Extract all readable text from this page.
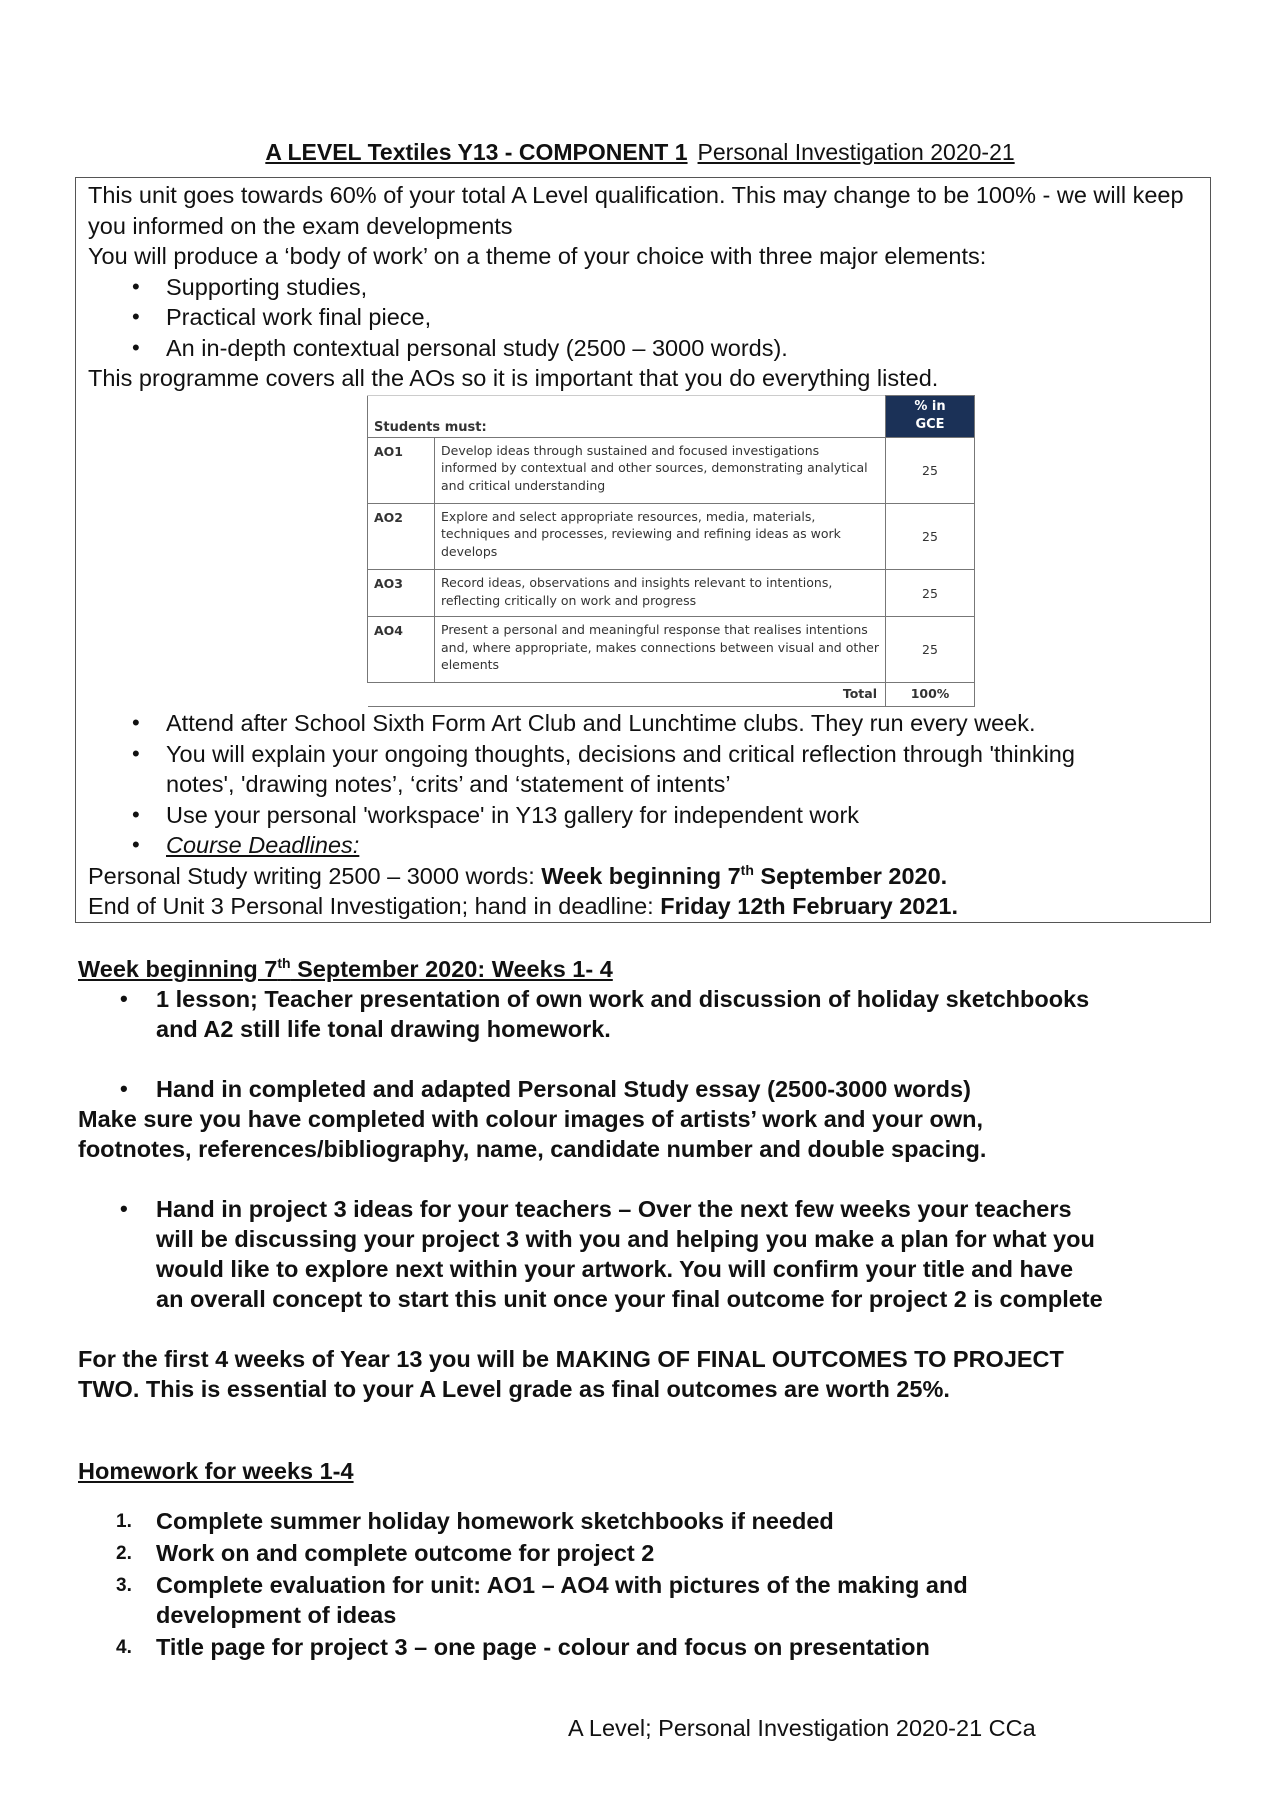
A LEVEL Textiles Y13 - COMPONENT 1 Personal Investigation 2020-21

This unit goes towards 60% of your total A Level qualification. This may change to be 100% - we will keep you informed on the exam developments

You will produce a ‘body of work’ on a theme of your choice with three major elements:

• Supporting studies,

• Practical work final piece,

• An in-depth contextual personal study (2500 – 3000 words).

This programme covers all the AOs so it is important that you do everything listed.

Students must:		% in
GCE
AO1	Develop ideas through sustained and focused investigations informed by contextual and other sources, demonstrating analytical and critical understanding	25
AO2	Explore and select appropriate resources, media, materials, techniques and processes, reviewing and refining ideas as work develops	25
AO3	Record ideas, observations and insights relevant to intentions, reflecting critically on work and progress	25
AO4	Present a personal and meaningful response that realises intentions and, where appropriate, makes connections between visual and other elements	25
Total		100%

• Attend after School Sixth Form Art Club and Lunchtime clubs. They run every week.

• You will explain your ongoing thoughts, decisions and critical reflection through 'thinking

notes', 'drawing notes’, ‘crits’ and ‘statement of intents’

• Use your personal 'workspace' in Y13 gallery for independent work

• Course Deadlines:

Personal Study writing 2500 – 3000 words: Week beginning 7th September 2020.

End of Unit 3 Personal Investigation; hand in deadline: Friday 12th February 2021.

Week beginning 7th September 2020: Weeks 1- 4

• 1 lesson; Teacher presentation of own work and discussion of holiday sketchbooks

and A2 still life tonal drawing homework.

• Hand in completed and adapted Personal Study essay (2500-3000 words)

Make sure you have completed with colour images of artists’ work and your own,

footnotes, references/bibliography, name, candidate number and double spacing.

• Hand in project 3 ideas for your teachers – Over the next few weeks your teachers

will be discussing your project 3 with you and helping you make a plan for what you

would like to explore next within your artwork. You will confirm your title and have

an overall concept to start this unit once your final outcome for project 2 is complete

For the first 4 weeks of Year 13 you will be MAKING OF FINAL OUTCOMES TO PROJECT

TWO. This is essential to your A Level grade as final outcomes are worth 25%.

Homework for weeks 1-4

1. Complete summer holiday homework sketchbooks if needed

2. Work on and complete outcome for project 2

3. Complete evaluation for unit: AO1 – AO4 with pictures of the making and

development of ideas

4. Title page for project 3 – one page - colour and focus on presentation

A Level; Personal Investigation 2020-21 CCa
